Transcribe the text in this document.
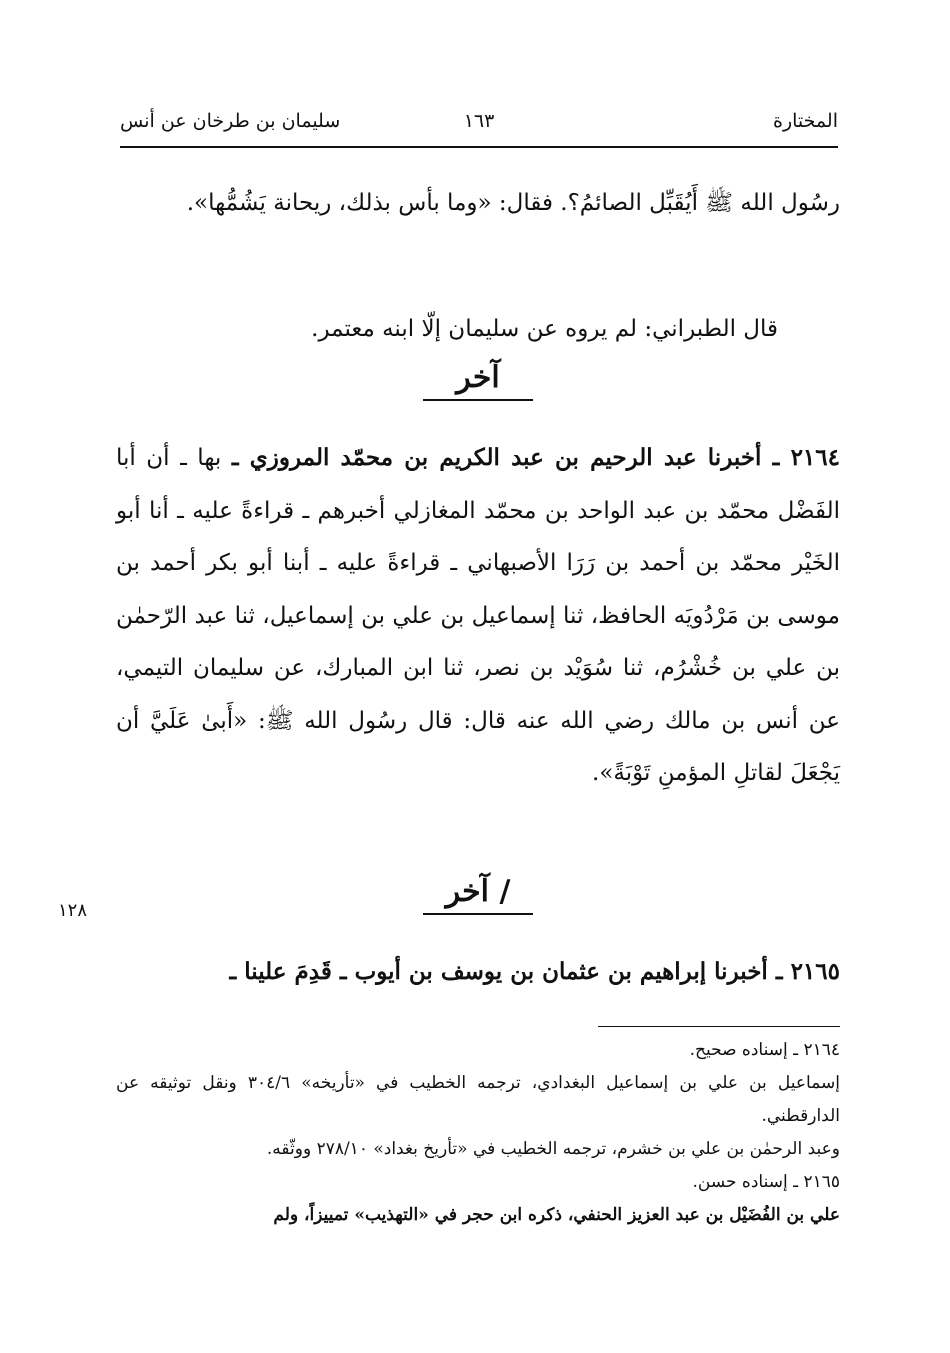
المختارة
١٦٣
سليمان بن طرخان عن أنس
رسُول الله ﷺ أَيُقَبِّل الصائمُ؟. فقال: «وما بأس بذلك، ريحانة يَشُمُّها».
قال الطبراني: لم يروه عن سليمان إلّا ابنه معتمر.
آخر
٢١٦٤ ـ أخبرنا عبد الرحيم بن عبد الكريم بن محمّد المروزي ـ بها ـ أن أبا الفَضْل محمّد بن عبد الواحد بن محمّد المغازلي أخبرهم ـ قراءةً عليه ـ أنا أبو الخَيْر محمّد بن أحمد بن رَرَا الأصبهاني ـ قراءةً عليه ـ أبنا أبو بكر أحمد بن موسى بن مَرْدُويَه الحافظ، ثنا إسماعيل بن علي بن إسماعيل، ثنا عبد الرّحمٰن بن علي بن خُشْرُم، ثنا سُوَيْد بن نصر، ثنا ابن المبارك، عن سليمان التيمي، عن أنس بن مالك رضي الله عنه قال: قال رسُول الله ﷺ: «أَبىٰ عَلَيَّ أن يَجْعَلَ لقاتلِ المؤمنِ تَوْبَةً».
/ آخر
١٢٨
٢١٦٥ ـ أخبرنا إبراهيم بن عثمان بن يوسف بن أيوب ـ قَدِمَ علينا ـ

٢١٦٤ ـ إسناده صحيح.

إسماعيل بن علي بن إسماعيل البغدادي، ترجمه الخطيب في «تأريخه» ٣٠٤/٦ ونقل توثيقه عن الدارقطني.

وعبد الرحمٰن بن علي بن خشرم، ترجمه الخطيب في «تأريخ بغداد» ٢٧٨/١٠ ووثّقه.

٢١٦٥ ـ إسناده حسن.

علي بن الفُضَيْل بن عبد العزيز الحنفي، ذكره ابن حجر في «التهذيب» تمييزاً، ولم
